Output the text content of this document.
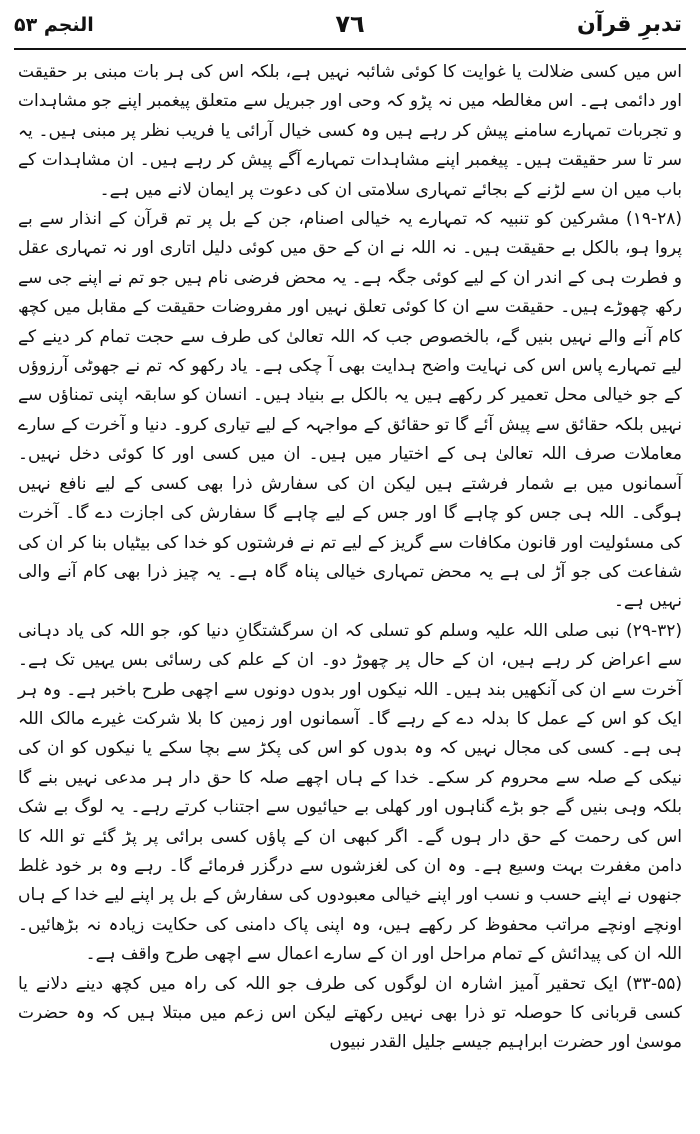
تدبرِ قرآن
٧٦
النجم ۵۳

اس میں کسی ضلالت یا غوایت کا کوئی شائبہ نہیں ہے، بلکہ اس کی ہر بات مبنی بر حقیقت اور دائمی ہے۔ اس مغالطہ میں نہ پڑو کہ وحی اور جبریل سے متعلق پیغمبر اپنے جو مشاہدات و تجربات تمہارے سامنے پیش کر رہے ہیں وہ کسی خیال آرائی یا فریب نظر پر مبنی ہیں۔ یہ سر تا سر حقیقت ہیں۔ پیغمبر اپنے مشاہدات تمہارے آگے پیش کر رہے ہیں۔ ان مشاہدات کے باب میں ان سے لڑنے کے بجائے تمہاری سلامتی ان کی دعوت پر ایمان لانے میں ہے۔

(۱۹-۲۸) مشرکین کو تنبیہ کہ تمہارے یہ خیالی اصنام، جن کے بل پر تم قرآن کے انذار سے بے پروا ہو، بالکل بے حقیقت ہیں۔ نہ اللہ نے ان کے حق میں کوئی دلیل اتاری اور نہ تمہاری عقل و فطرت ہی کے اندر ان کے لیے کوئی جگہ ہے۔ یہ محض فرضی نام ہیں جو تم نے اپنے جی سے رکھ چھوڑے ہیں۔ حقیقت سے ان کا کوئی تعلق نہیں اور مفروضات حقیقت کے مقابل میں کچھ کام آنے والے نہیں بنیں گے، بالخصوص جب کہ اللہ تعالیٰ کی طرف سے حجت تمام کر دینے کے لیے تمہارے پاس اس کی نہایت واضح ہدایت بھی آ چکی ہے۔ یاد رکھو کہ تم نے جھوٹی آرزوؤں کے جو خیالی محل تعمیر کر رکھے ہیں یہ بالکل بے بنیاد ہیں۔ انسان کو سابقہ اپنی تمناؤں سے نہیں بلکہ حقائق سے پیش آئے گا تو حقائق کے مواجہہ کے لیے تیاری کرو۔ دنیا و آخرت کے سارے معاملات صرف اللہ تعالیٰ ہی کے اختیار میں ہیں۔ ان میں کسی اور کا کوئی دخل نہیں۔ آسمانوں میں بے شمار فرشتے ہیں لیکن ان کی سفارش ذرا بھی کسی کے لیے نافع نہیں ہوگی۔ اللہ ہی جس کو چاہے گا اور جس کے لیے چاہے گا سفارش کی اجازت دے گا۔ آخرت کی مسئولیت اور قانون مکافات سے گریز کے لیے تم نے فرشتوں کو خدا کی بیٹیاں بنا کر ان کی شفاعت کی جو آڑ لی ہے یہ محض تمہاری خیالی پناہ گاہ ہے۔ یہ چیز ذرا بھی کام آنے والی نہیں ہے۔

(۲۹-۳۲) نبی صلی اللہ علیہ وسلم کو تسلی کہ ان سرگشتگانِ دنیا کو، جو اللہ کی یاد دہانی سے اعراض کر رہے ہیں، ان کے حال پر چھوڑ دو۔ ان کے علم کی رسائی بس یہیں تک ہے۔ آخرت سے ان کی آنکھیں بند ہیں۔ اللہ نیکوں اور بدوں دونوں سے اچھی طرح باخبر ہے۔ وہ ہر ایک کو اس کے عمل کا بدلہ دے کے رہے گا۔ آسمانوں اور زمین کا بلا شرکت غیرے مالک اللہ ہی ہے۔ کسی کی مجال نہیں کہ وہ بدوں کو اس کی پکڑ سے بچا سکے یا نیکوں کو ان کی نیکی کے صلہ سے محروم کر سکے۔ خدا کے ہاں اچھے صلہ کا حق دار ہر مدعی نہیں بنے گا بلکہ وہی بنیں گے جو بڑے گناہوں اور کھلی بے حیائیوں سے اجتناب کرتے رہے۔ یہ لوگ بے شک اس کی رحمت کے حق دار ہوں گے۔ اگر کبھی ان کے پاؤں کسی برائی پر پڑ گئے تو اللہ کا دامن مغفرت بہت وسیع ہے۔ وہ ان کی لغزشوں سے درگزر فرمائے گا۔ رہے وہ بر خود غلط جنھوں نے اپنے حسب و نسب اور اپنے خیالی معبودوں کی سفارش کے بل پر اپنے لیے خدا کے ہاں اونچے اونچے مراتب محفوظ کر رکھے ہیں، وہ اپنی پاک دامنی کی حکایت زیادہ نہ بڑھائیں۔ اللہ ان کی پیدائش کے تمام مراحل اور ان کے سارے اعمال سے اچھی طرح واقف ہے۔

(۳۳-۵۵) ایک تحقیر آمیز اشارہ ان لوگوں کی طرف جو اللہ کی راہ میں کچھ دینے دلانے یا کسی قربانی کا حوصلہ تو ذرا بھی نہیں رکھتے لیکن اس زعم میں مبتلا ہیں کہ وہ حضرت موسیٰ اور حضرت ابراہیم جیسے جلیل القدر نبیوں
